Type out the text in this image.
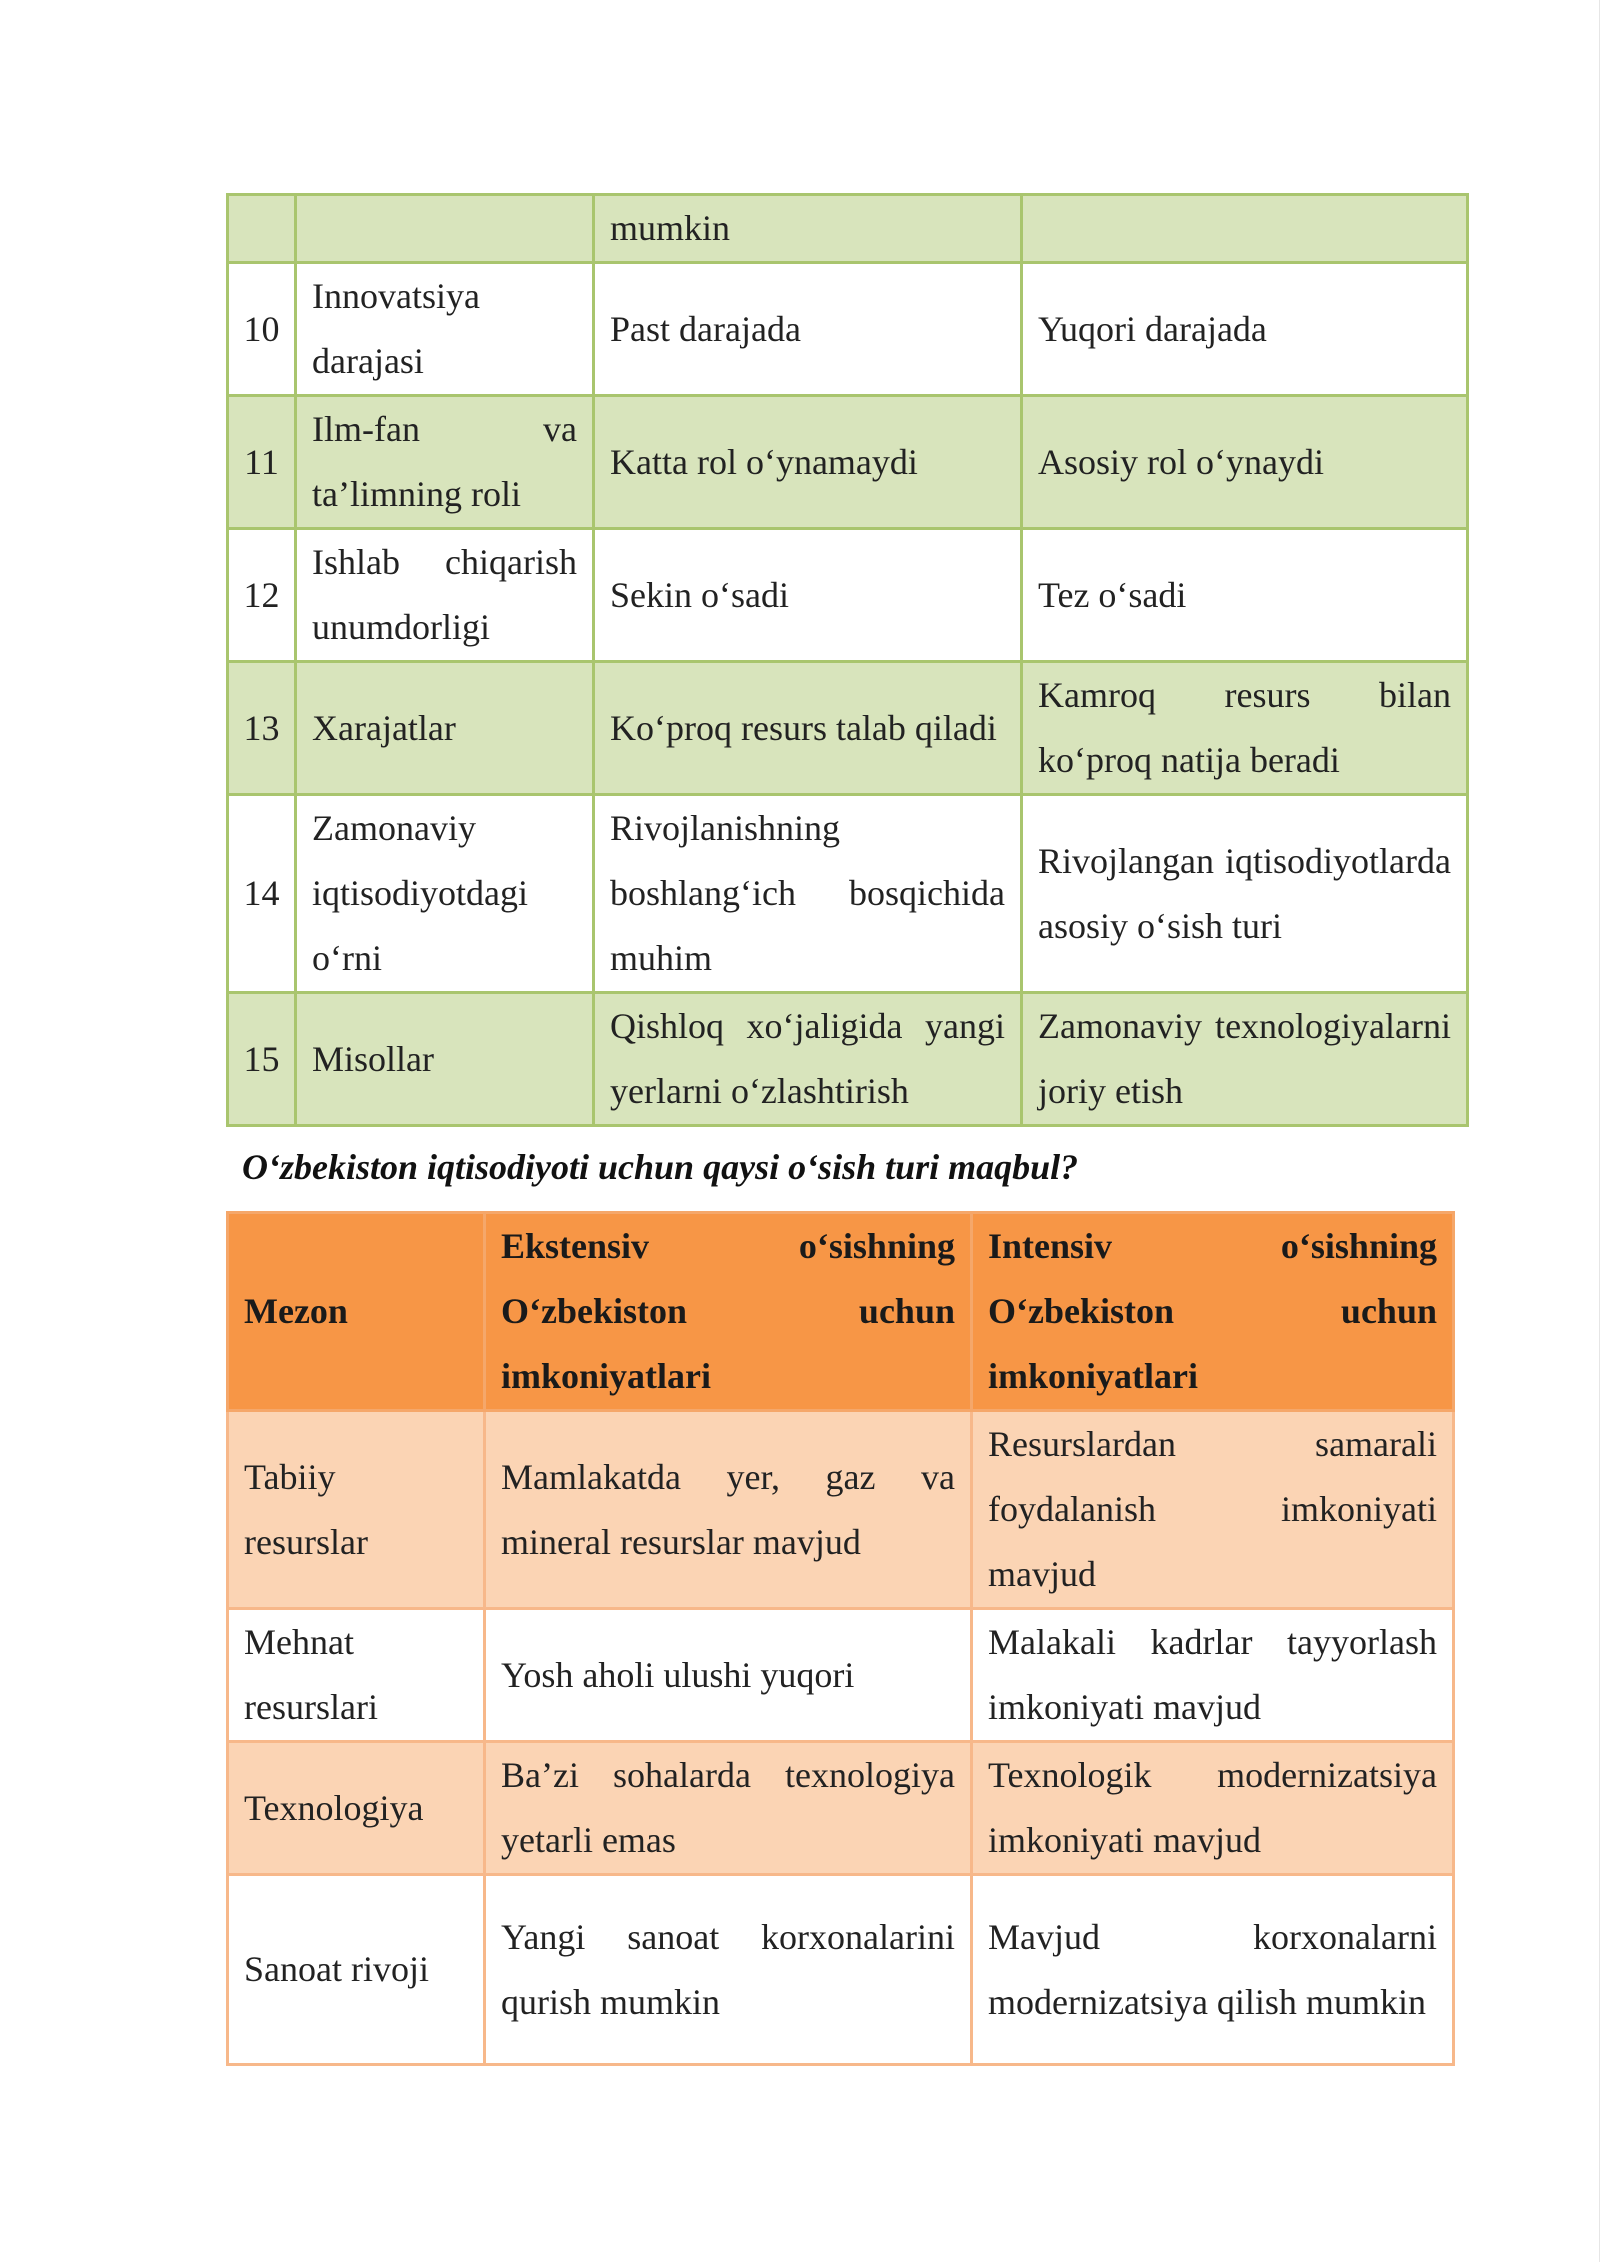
		mumkin	
10	Innovatsiya darajasi	Past darajada	Yuqori darajada
11	Ilm-fan va ta’limning roli	Katta rol o‘ynamaydi	Asosiy rol o‘ynaydi
12	Ishlab chiqarish unumdorligi	Sekin o‘sadi	Tez o‘sadi
13	Xarajatlar	Ko‘proq resurs talab qiladi	Kamroq resurs bilan ko‘proq natija beradi
14	Zamonaviy iqtisodiyotdagi o‘rni	Rivojlanishning boshlang‘ich bosqichida muhim	Rivojlangan iqtisodiyotlarda asosiy o‘sish turi
15	Misollar	Qishloq xo‘jaligida yangi yerlarni o‘zlashtirish	Zamonaviy texnologiyalarni joriy etish
O‘zbekiston iqtisodiyoti uchun qaysi o‘sish turi maqbul?
Mezon	Ekstensiv o‘sishning O‘zbekiston uchun imkoniyatlari	Intensiv o‘sishning O‘zbekiston uchun imkoniyatlari
Tabiiy resurslar	Mamlakatda yer, gaz va mineral resurslar mavjud	Resurslardan samarali foydalanish imkoniyati mavjud
Mehnat resurslari	Yosh aholi ulushi yuqori	Malakali kadrlar tayyorlash imkoniyati mavjud
Texnologiya	Ba’zi sohalarda texnologiya yetarli emas	Texnologik modernizatsiya imkoniyati mavjud
Sanoat rivoji	Yangi sanoat korxonalarini qurish mumkin	Mavjud korxonalarni modernizatsiya qilish mumkin
